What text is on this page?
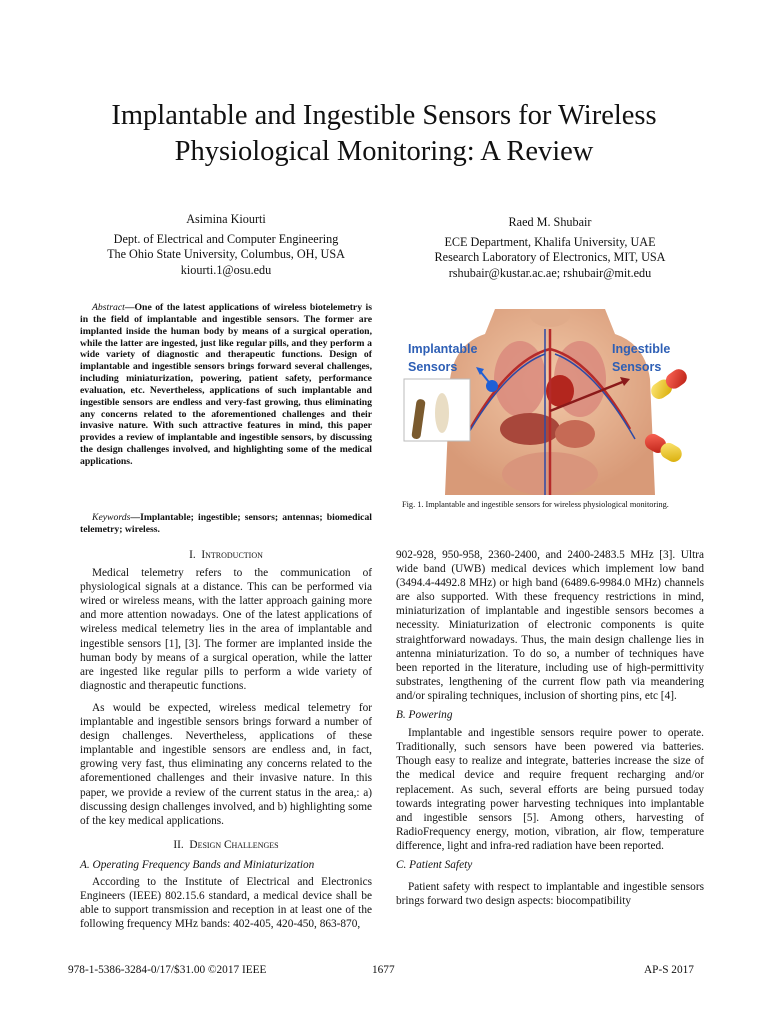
Implantable and Ingestible Sensors for Wireless Physiological Monitoring: A Review
Asimina Kiourti
Dept. of Electrical and Computer Engineering
The Ohio State University, Columbus, OH, USA
kiourti.1@osu.edu
Raed M. Shubair
ECE Department, Khalifa University, UAE
Research Laboratory of Electronics, MIT, USA
rshubair@kustar.ac.ae; rshubair@mit.edu

Abstract—One of the latest applications of wireless biotelemetry is in the field of implantable and ingestible sensors. The former are implanted inside the human body by means of a surgical operation, while the latter are ingested, just like regular pills, and they perform a wide variety of diagnostic and therapeutic functions. Design of implantable and ingestible sensors brings forward several challenges, including miniaturization, powering, patient safety, performance evaluation, etc. Nevertheless, applications of such implantable and ingestible sensors are endless and very-fast growing, thus eliminating any concerns related to the aforementioned challenges and their invasive nature. With such attractive features in mind, this paper provides a review of implantable and ingestible sensors, by discussing the design challenges involved, and highlighting some of the medical applications.

Keywords—Implantable; ingestible; sensors; antennas; biomedical telemetry; wireless.

I. Introduction

Medical telemetry refers to the communication of physiological signals at a distance. This can be performed via wired or wireless means, with the latter approach gaining more and more attention nowadays. One of the latest applications of wireless medical telemetry lies in the area of implantable and ingestible sensors [1], [3]. The former are implanted inside the human body by means of a surgical operation, while the latter are ingested like regular pills to perform a wide variety of diagnostic and therapeutic functions.

As would be expected, wireless medical telemetry for implantable and ingestible sensors brings forward a number of design challenges. Nevertheless, applications of these implantable and ingestible sensors are endless and, in fact, growing very fast, thus eliminating any concerns related to the aforementioned challenges and their invasive nature. In this paper, we provide a review of the current status in the area,: a) discussing design challenges involved, and b) highlighting some of the key medical applications.

II. Design Challenges
A. Operating Frequency Bands and Miniaturization

According to the Institute of Electrical and Electronics Engineers (IEEE) 802.15.6 standard, a medical device shall be able to support transmission and reception in at least one of the following frequency MHz bands: 402-405, 420-450, 863-870,

Implantable
Sensors
Ingestible
Sensors
Fig. 1. Implantable and ingestible sensors for wireless physiological monitoring.

902-928, 950-958, 2360-2400, and 2400-2483.5 MHz [3]. Ultra wide band (UWB) medical devices which implement low band (3494.4-4492.8 MHz) or high band (6489.6-9984.0 MHz) channels are also supported. With these frequency restrictions in mind, miniaturization of implantable and ingestible sensors becomes a necessity. Miniaturization of electronic components is quite straightforward nowadays. Thus, the main design challenge lies in antenna miniaturization. To do so, a number of techniques have been reported in the literature, including use of high-permittivity substrates, lengthening of the current flow path via meandering and/or spiraling techniques, inclusion of shorting pins, etc [4].

B. Powering

Implantable and ingestible sensors require power to operate. Traditionally, such sensors have been powered via batteries. Though easy to realize and integrate, batteries increase the size of the medical device and require frequent recharging and/or replacement. As such, several efforts are being pursued today towards integrating power harvesting techniques into implantable and ingestible sensors [5]. Among others, harvesting of RadioFrequency energy, motion, vibration, air flow, temperature difference, light and infra-red radiation have been reported.

C. Patient Safety

Patient safety with respect to implantable and ingestible sensors brings forward two design aspects: biocompatibility

978-1-5386-3284-0/17/$31.00 ©2017 IEEE	1677	AP-S 2017
